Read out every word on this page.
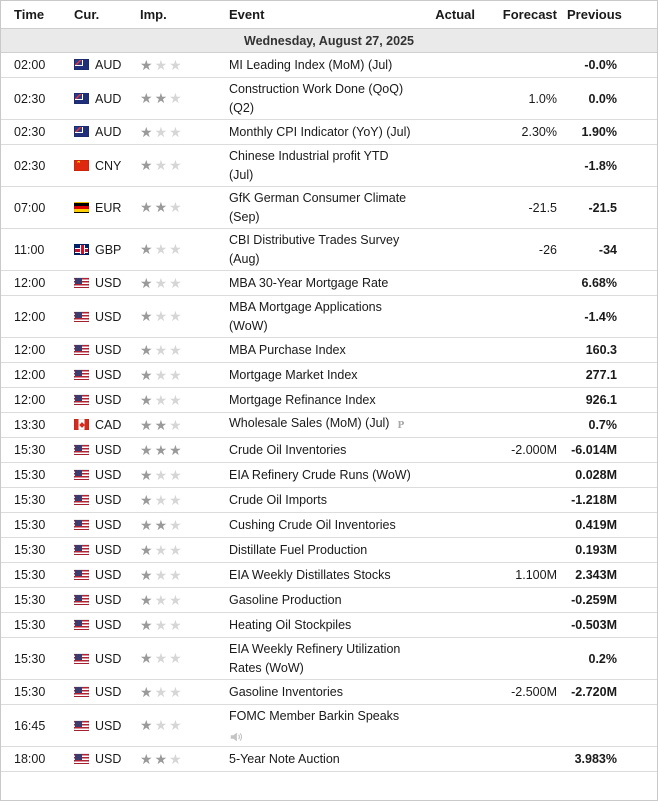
Time	Cur.	Imp.	Event	Actual	Forecast	Previous
Wednesday, August 27, 2025						
02:00	AUD	★★★	MI Leading Index (MoM) (Jul)			-0.0%
02:30	AUD	★★★	Construction Work Done (QoQ) (Q2)		1.0%	0.0%
02:30	AUD	★★★	Monthly CPI Indicator (YoY) (Jul)		2.30%	1.90%
02:30	★CNY	★★★	Chinese Industrial profit YTD (Jul)			-1.8%
07:00	EUR	★★★	GfK German Consumer Climate (Sep)		-21.5	-21.5
11:00	GBP	★★★	CBI Distributive Trades Survey (Aug)		-26	-34
12:00	USD	★★★	MBA 30-Year Mortgage Rate			6.68%
12:00	USD	★★★	MBA Mortgage Applications (WoW)			-1.4%
12:00	USD	★★★	MBA Purchase Index			160.3
12:00	USD	★★★	Mortgage Market Index			277.1
12:00	USD	★★★	Mortgage Refinance Index			926.1
13:30	CAD	★★★	Wholesale Sales (MoM) (Jul) P			0.7%
15:30	USD	★★★	Crude Oil Inventories		-2.000M	-6.014M
15:30	USD	★★★	EIA Refinery Crude Runs (WoW)			0.028M
15:30	USD	★★★	Crude Oil Imports			-1.218M
15:30	USD	★★★	Cushing Crude Oil Inventories			0.419M
15:30	USD	★★★	Distillate Fuel Production			0.193M
15:30	USD	★★★	EIA Weekly Distillates Stocks		1.100M	2.343M
15:30	USD	★★★	Gasoline Production			-0.259M
15:30	USD	★★★	Heating Oil Stockpiles			-0.503M
15:30	USD	★★★	EIA Weekly Refinery Utilization Rates (WoW)			0.2%
15:30	USD	★★★	Gasoline Inventories		-2.500M	-2.720M
16:45	USD	★★★	FOMC Member Barkin Speaks

18:00	USD	★★★	5-Year Note Auction			3.983%
